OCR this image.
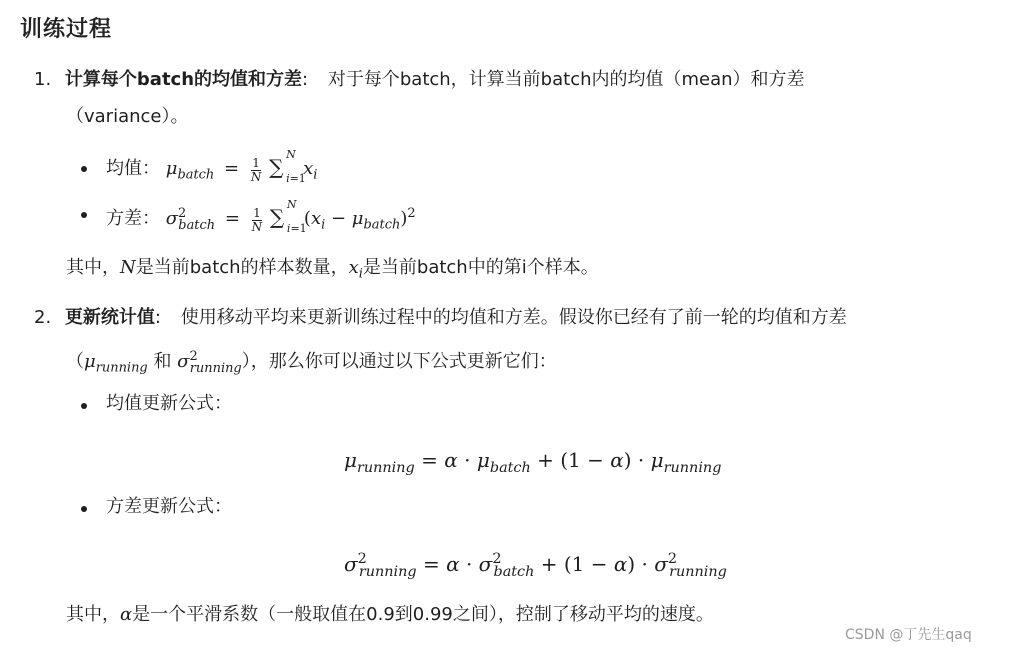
训练过程
1. 计算每个batch的均值和方差: 对于每个batch，计算当前batch内的均值（mean）和方差
（variance）。
均值： $\mu_{batch} = \frac{1}{N}$ ∑
N
i=1
$x_i$
方差： $\sigma^2_{batch} = \frac{1}{N}$ ∑
N
i=1
$(x_i - \mu_{batch})^2$
其中，N是当前batch的样本数量，$x_i$是当前batch中的第i个样本。
2. 更新统计值: 使用移动平均来更新训练过程中的均值和方差。假设你已经有了前一轮的均值和方差
（$\mu_{running}$ 和 $\sigma^2_{running}$），那么你可以通过以下公式更新它们：
均值更新公式：
$\mu_{running} = \alpha \cdot \mu_{batch} + (1 - \alpha) \cdot \mu_{running}$
方差更新公式：
$\sigma^2_{running} = \alpha \cdot \sigma^2_{batch} + (1 - \alpha) \cdot \sigma^2_{running}$
其中，α是一个平滑系数（一般取值在0.9到0.99之间），控制了移动平均的速度。
CSDN @丁先生qaq
